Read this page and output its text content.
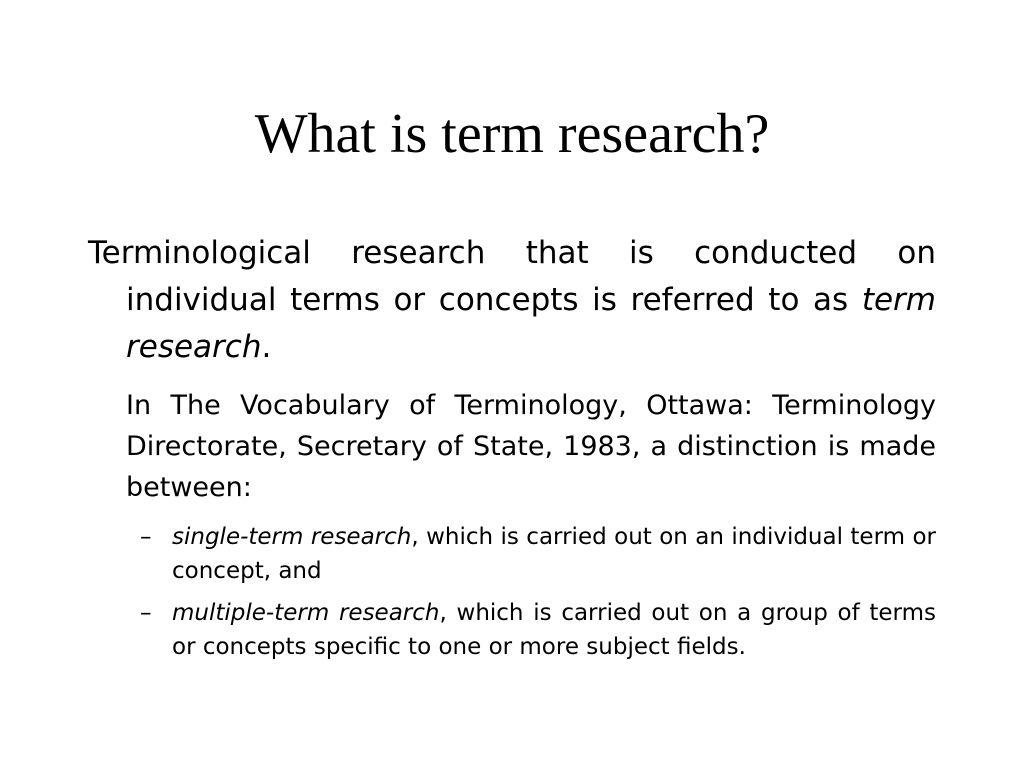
What is term research?

Terminological research that is conducted on individual terms or concepts is referred to as term research.

In The Vocabulary of Terminology, Ottawa: Terminology Directorate, Secretary of State, 1983, a distinction is made between:

– single-term research, which is carried out on an individual term or concept, and
– multiple-term research, which is carried out on a group of terms or concepts specific to one or more subject fields.
